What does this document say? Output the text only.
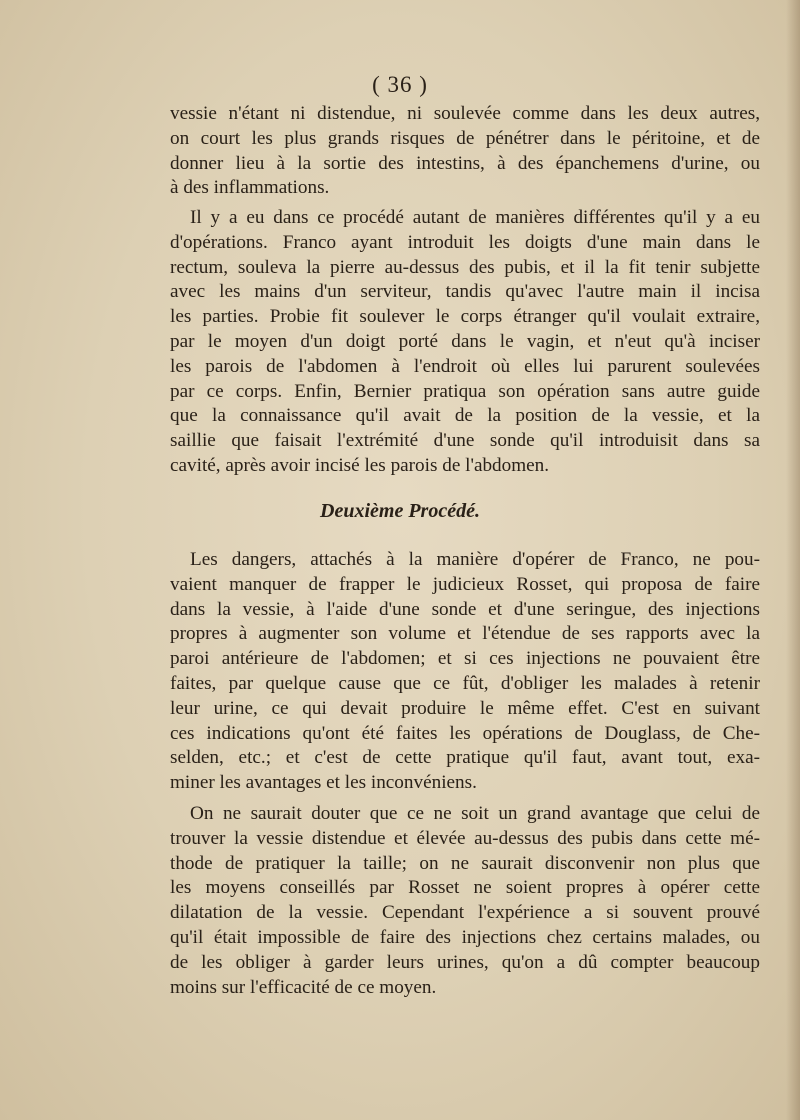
( 36 )
vessie n'étant ni distendue, ni soulevée comme dans les deux autres,
on court les plus grands risques de pénétrer dans le péritoine, et de
donner lieu à la sortie des intestins, à des épanchemens d'urine, ou
à des inflammations.
Il y a eu dans ce procédé autant de manières différentes qu'il y a eu
d'opérations. Franco ayant introduit les doigts d'une main dans le
rectum, souleva la pierre au-dessus des pubis, et il la fit tenir subjette
avec les mains d'un serviteur, tandis qu'avec l'autre main il incisa
les parties. Probie fit soulever le corps étranger qu'il voulait extraire,
par le moyen d'un doigt porté dans le vagin, et n'eut qu'à inciser
les parois de l'abdomen à l'endroit où elles lui parurent soulevées
par ce corps. Enfin, Bernier pratiqua son opération sans autre guide
que la connaissance qu'il avait de la position de la vessie, et la
saillie que faisait l'extrémité d'une sonde qu'il introduisit dans sa
cavité, après avoir incisé les parois de l'abdomen.
Deuxième Procédé.
Les dangers, attachés à la manière d'opérer de Franco, ne pou-
vaient manquer de frapper le judicieux Rosset, qui proposa de faire
dans la vessie, à l'aide d'une sonde et d'une seringue, des injections
propres à augmenter son volume et l'étendue de ses rapports avec la
paroi antérieure de l'abdomen; et si ces injections ne pouvaient être
faites, par quelque cause que ce fût, d'obliger les malades à retenir
leur urine, ce qui devait produire le même effet. C'est en suivant
ces indications qu'ont été faites les opérations de Douglass, de Che-
selden, etc.; et c'est de cette pratique qu'il faut, avant tout, exa-
miner les avantages et les inconvéniens.
On ne saurait douter que ce ne soit un grand avantage que celui de
trouver la vessie distendue et élevée au-dessus des pubis dans cette mé-
thode de pratiquer la taille; on ne saurait disconvenir non plus que
les moyens conseillés par Rosset ne soient propres à opérer cette
dilatation de la vessie. Cependant l'expérience a si souvent prouvé
qu'il était impossible de faire des injections chez certains malades, ou
de les obliger à garder leurs urines, qu'on a dû compter beaucoup
moins sur l'efficacité de ce moyen.
